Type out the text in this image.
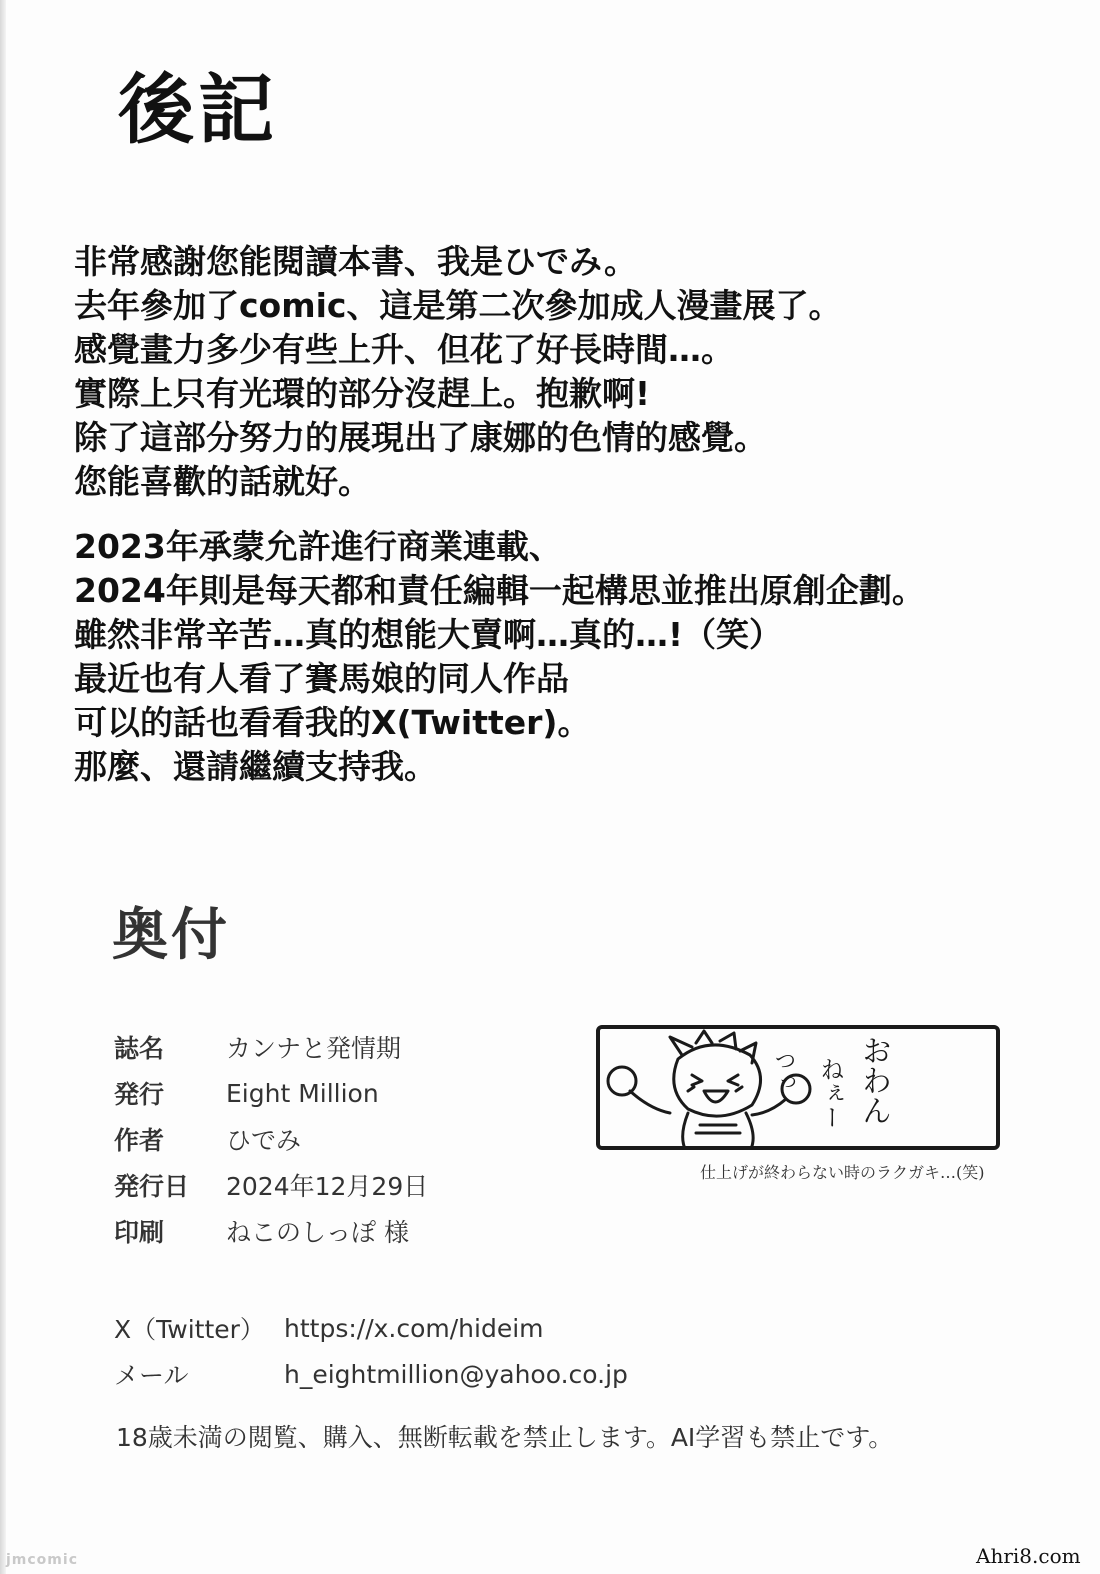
後記
非常感謝您能閱讀本書、我是ひでみ。
去年參加了comic、這是第二次參加成人漫畫展了。
感覺畫力多少有些上升、但花了好長時間…。
實際上只有光環的部分沒趕上。抱歉啊!
除了這部分努力的展現出了康娜的色情的感覺。
您能喜歡的話就好。
2023年承蒙允許進行商業連載、
2024年則是每天都和責任編輯一起構思並推出原創企劃。
雖然非常辛苦…真的想能大賣啊…真的…!（笑）
最近也有人看了賽馬娘的同人作品
可以的話也看看我的X(Twitter)。
那麼、還請繼續支持我。
奥付
誌名	カンナと発情期
発行	Eight Million
作者	ひでみ
発行日	2024年12月29日
印刷	ねこのしっぽ 様
おわん
ねぇー
つっ
仕上げが終わらない時のラクガキ…(笑)
X（Twitter） https://x.com/hideim
メール	h_eightmillion@yahoo.co.jp
18歳未満の閲覧、購入、無断転載を禁止します。AI学習も禁止です。
jmcomic	Ahri8.com
